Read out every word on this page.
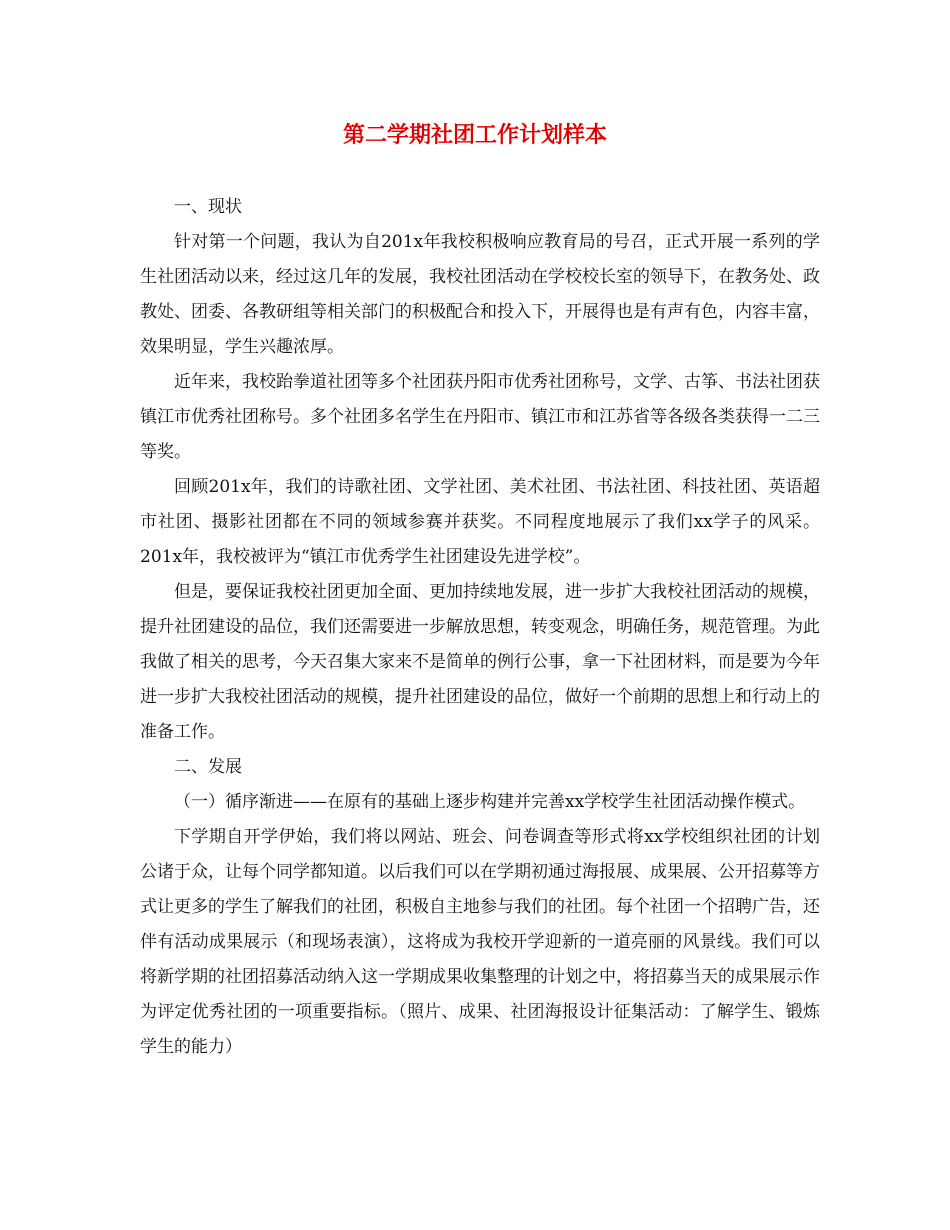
第二学期社团工作计划样本

一、现状

针对第一个问题，我认为自201x年我校积极响应教育局的号召，正式开展一系列的学生社团活动以来，经过这几年的发展，我校社团活动在学校校长室的领导下，在教务处、政教处、团委、各教研组等相关部门的积极配合和投入下，开展得也是有声有色，内容丰富，效果明显，学生兴趣浓厚。

近年来，我校跆拳道社团等多个社团获丹阳市优秀社团称号，文学、古筝、书法社团获镇江市优秀社团称号。多个社团多名学生在丹阳市、镇江市和江苏省等各级各类获得一二三等奖。

回顾201x年，我们的诗歌社团、文学社团、美术社团、书法社团、科技社团、英语超市社团、摄影社团都在不同的领域参赛并获奖。不同程度地展示了我们xx学子的风采。201x年，我校被评为“镇江市优秀学生社团建设先进学校”。

但是，要保证我校社团更加全面、更加持续地发展，进一步扩大我校社团活动的规模，提升社团建设的品位，我们还需要进一步解放思想，转变观念，明确任务，规范管理。为此我做了相关的思考，今天召集大家来不是简单的例行公事，拿一下社团材料，而是要为今年进一步扩大我校社团活动的规模，提升社团建设的品位，做好一个前期的思想上和行动上的准备工作。

二、发展

（一）循序渐进——在原有的基础上逐步构建并完善xx学校学生社团活动操作模式。

下学期自开学伊始，我们将以网站、班会、问卷调查等形式将xx学校组织社团的计划公诸于众，让每个同学都知道。以后我们可以在学期初通过海报展、成果展、公开招募等方式让更多的学生了解我们的社团，积极自主地参与我们的社团。每个社团一个招聘广告，还伴有活动成果展示（和现场表演），这将成为我校开学迎新的一道亮丽的风景线。我们可以将新学期的社团招募活动纳入这一学期成果收集整理的计划之中，将招募当天的成果展示作为评定优秀社团的一项重要指标。（照片、成果、社团海报设计征集活动：了解学生、锻炼学生的能力）
